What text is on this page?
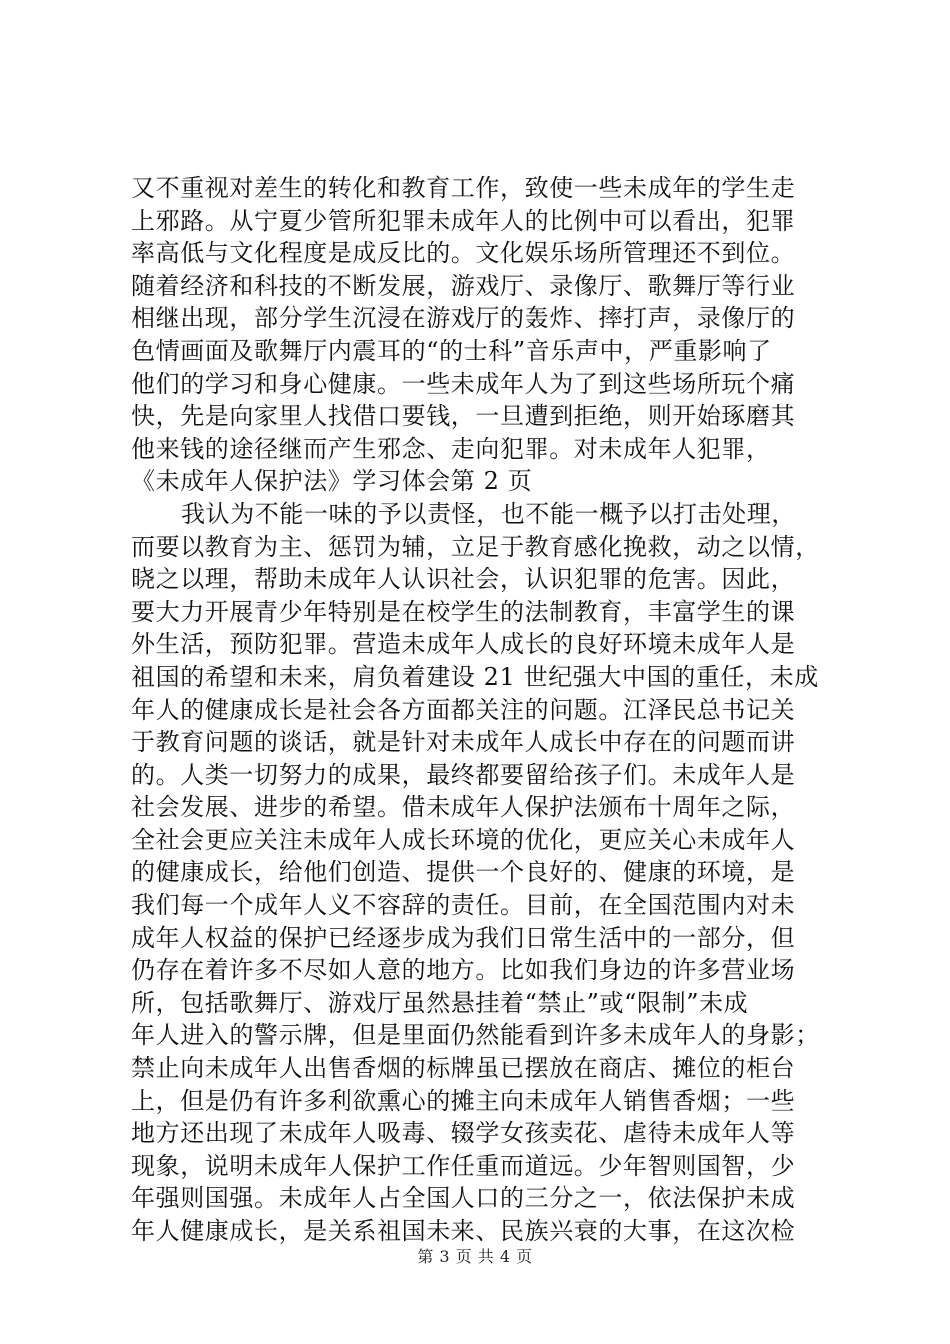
又不重视对差生的转化和教育工作，致使一些未成年的学生走
上邪路。从宁夏少管所犯罪未成年人的比例中可以看出，犯罪
率高低与文化程度是成反比的。文化娱乐场所管理还不到位。
随着经济和科技的不断发展，游戏厅、录像厅、歌舞厅等行业
相继出现，部分学生沉浸在游戏厅的轰炸、摔打声，录像厅的
色情画面及歌舞厅内震耳的“的士科”音乐声中，严重影响了
他们的学习和身心健康。一些未成年人为了到这些场所玩个痛
快，先是向家里人找借口要钱，一旦遭到拒绝，则开始琢磨其
他来钱的途径继而产生邪念、走向犯罪。对未成年人犯罪，
《未成年人保护法》学习体会第 2 页
我认为不能一味的予以责怪，也不能一概予以打击处理，
而要以教育为主、惩罚为辅，立足于教育感化挽救，动之以情，
晓之以理，帮助未成年人认识社会，认识犯罪的危害。因此，
要大力开展青少年特别是在校学生的法制教育，丰富学生的课
外生活，预防犯罪。营造未成年人成长的良好环境未成年人是
祖国的希望和未来，肩负着建设 21 世纪强大中国的重任，未成
年人的健康成长是社会各方面都关注的问题。江泽民总书记关
于教育问题的谈话，就是针对未成年人成长中存在的问题而讲
的。人类一切努力的成果，最终都要留给孩子们。未成年人是
社会发展、进步的希望。借未成年人保护法颁布十周年之际，
全社会更应关注未成年人成长环境的优化，更应关心未成年人
的健康成长，给他们创造、提供一个良好的、健康的环境，是
我们每一个成年人义不容辞的责任。目前，在全国范围内对未
成年人权益的保护已经逐步成为我们日常生活中的一部分，但
仍存在着许多不尽如人意的地方。比如我们身边的许多营业场
所，包括歌舞厅、游戏厅虽然悬挂着“禁止”或“限制”未成
年人进入的警示牌，但是里面仍然能看到许多未成年人的身影；
禁止向未成年人出售香烟的标牌虽已摆放在商店、摊位的柜台
上，但是仍有许多利欲熏心的摊主向未成年人销售香烟；一些
地方还出现了未成年人吸毒、辍学女孩卖花、虐待未成年人等
现象，说明未成年人保护工作任重而道远。少年智则国智，少
年强则国强。未成年人占全国人口的三分之一，依法保护未成
年人健康成长，是关系祖国未来、民族兴衰的大事，在这次检
第 3 页 共 4 页
